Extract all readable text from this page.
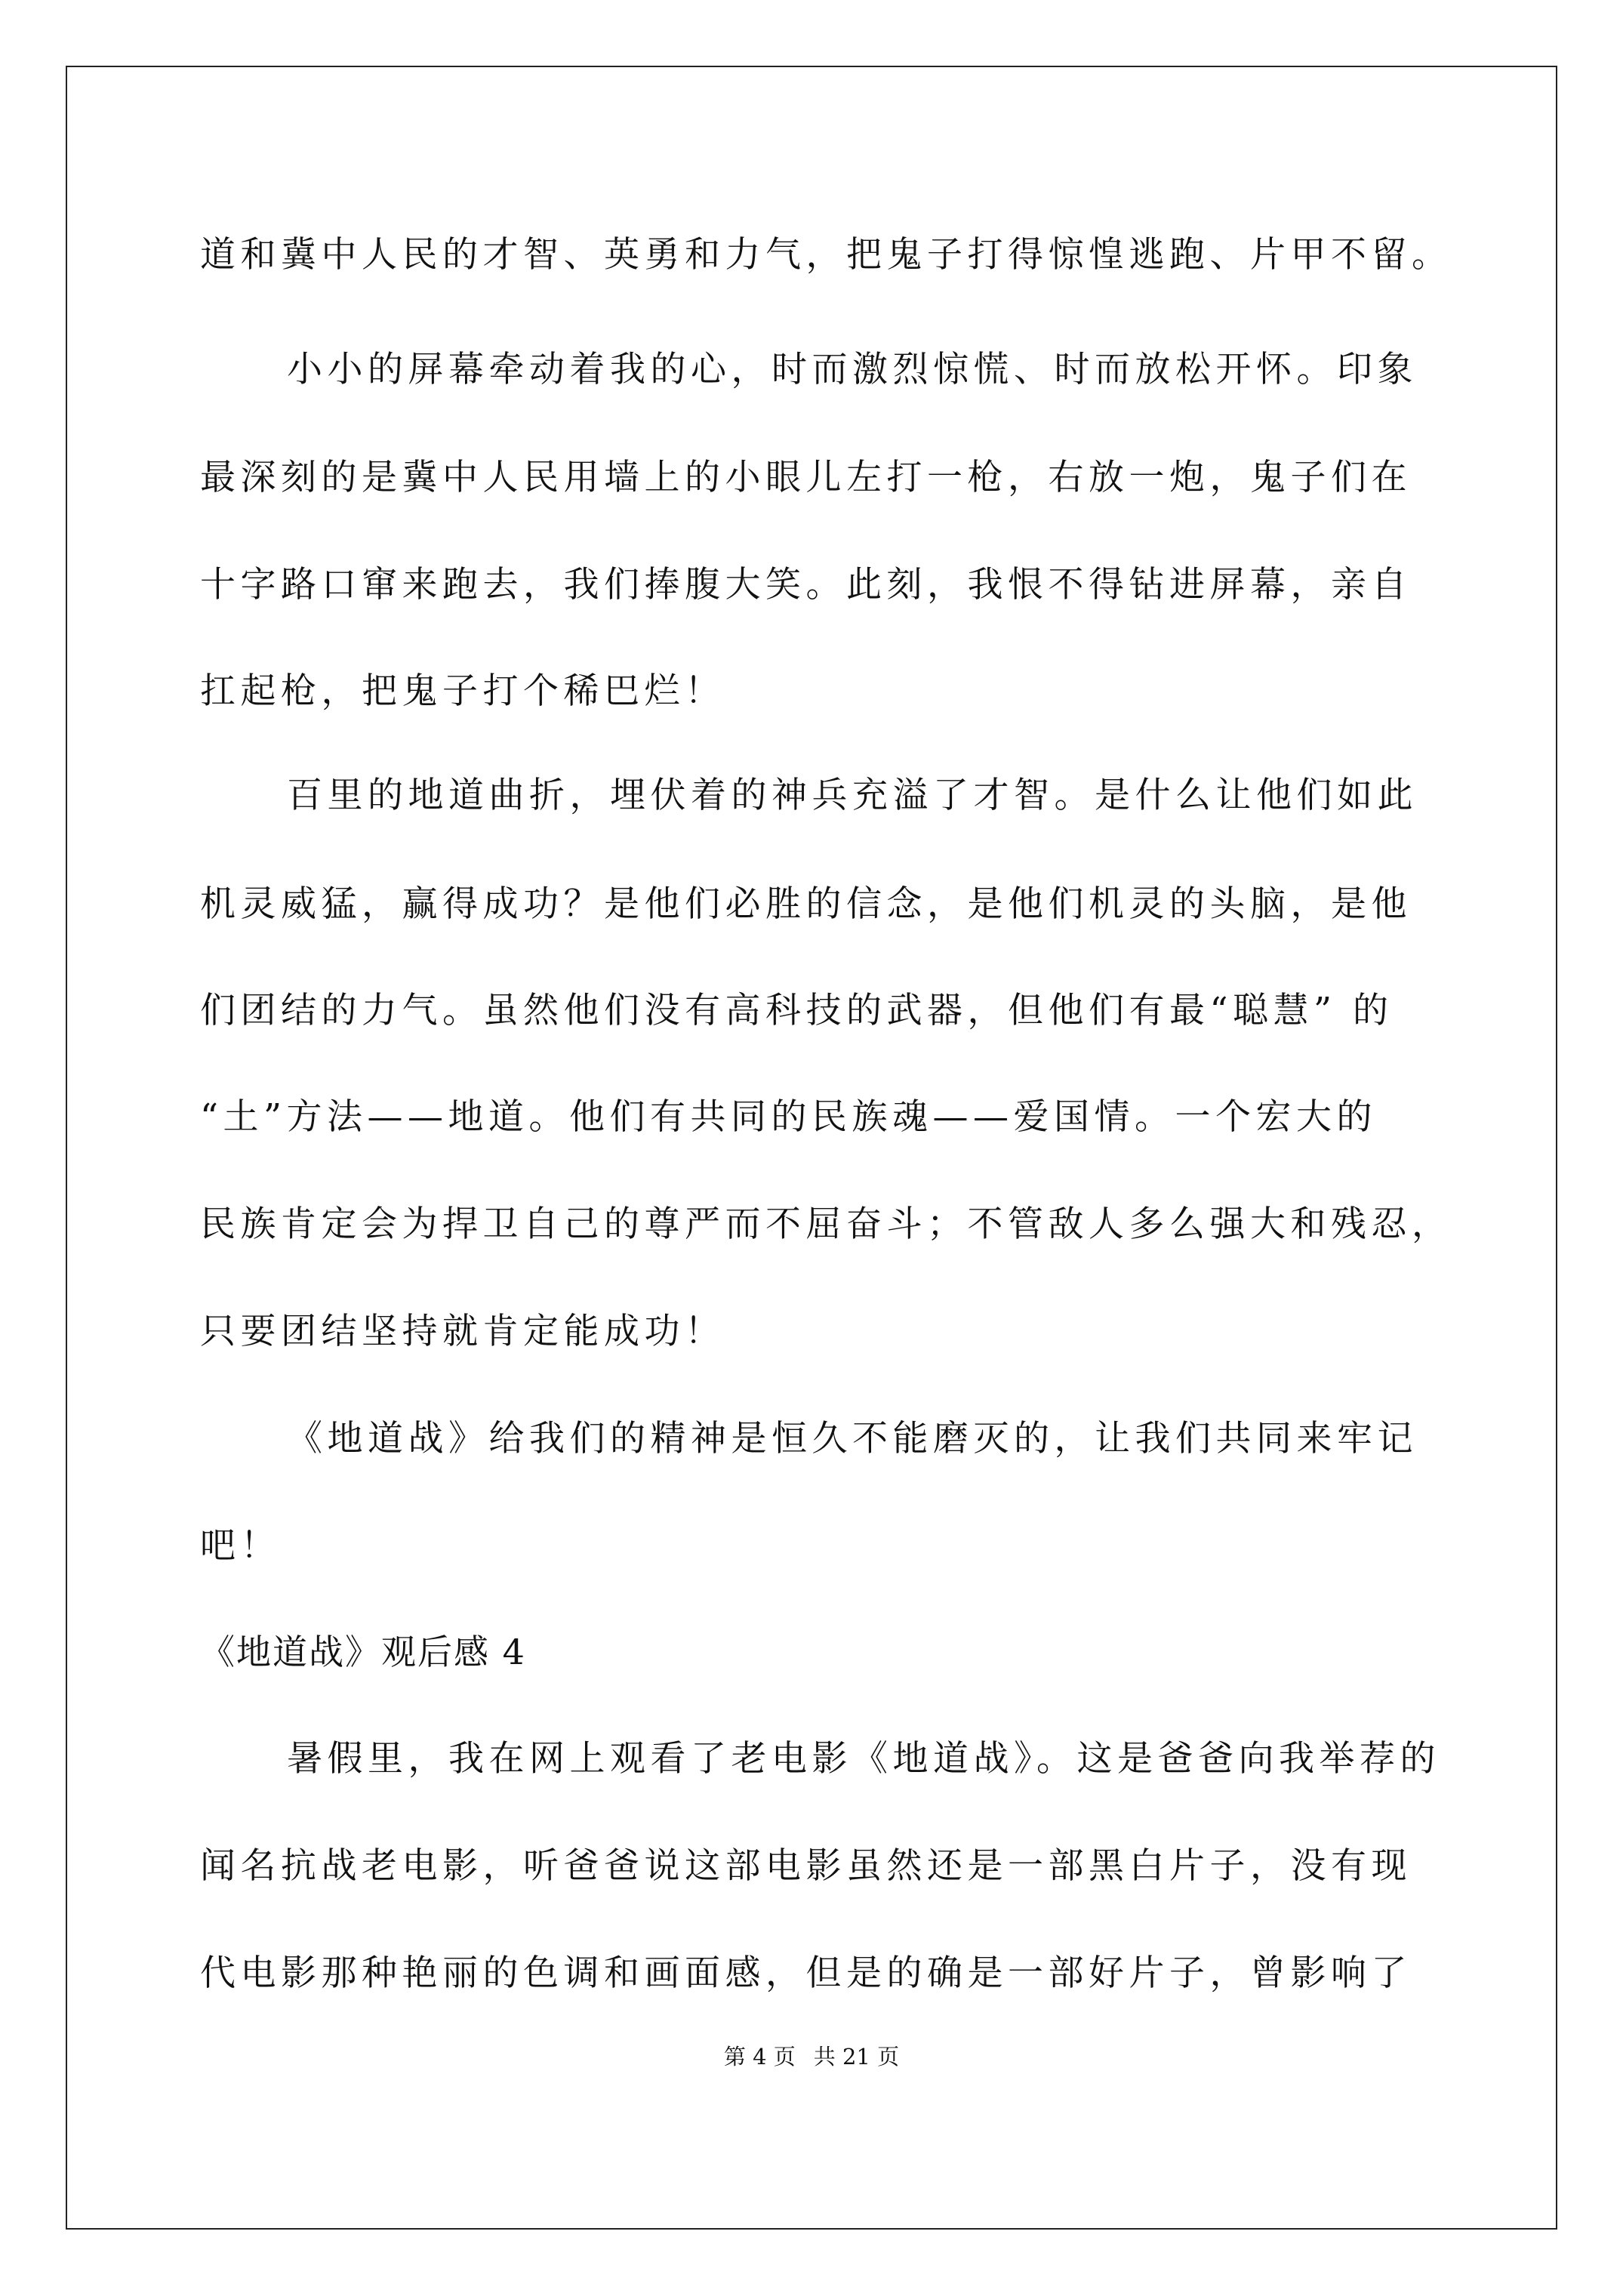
道和冀中人民的才智、英勇和力气，把鬼子打得惊惶逃跑、片甲不留。
小小的屏幕牵动着我的心，时而激烈惊慌、时而放松开怀。印象
最深刻的是冀中人民用墙上的小眼儿左打一枪，右放一炮，鬼子们在
十字路口窜来跑去，我们捧腹大笑。此刻，我恨不得钻进屏幕，亲自
扛起枪，把鬼子打个稀巴烂！
百里的地道曲折，埋伏着的神兵充溢了才智。是什么让他们如此
机灵威猛，赢得成功？是他们必胜的信念，是他们机灵的头脑，是他
们团结的力气。虽然他们没有高科技的武器，但他们有最“聪慧” 的
“土”方法——地道。他们有共同的民族魂——爱国情。一个宏大的
民族肯定会为捍卫自己的尊严而不屈奋斗；不管敌人多么强大和残忍，
只要团结坚持就肯定能成功！
《地道战》给我们的精神是恒久不能磨灭的，让我们共同来牢记
吧！
《地道战》观后感 4
暑假里，我在网上观看了老电影《地道战》。这是爸爸向我举荐的
闻名抗战老电影，听爸爸说这部电影虽然还是一部黑白片子，没有现
代电影那种艳丽的色调和画面感，但是的确是一部好片子，曾影响了
第 4 页 共 21 页
